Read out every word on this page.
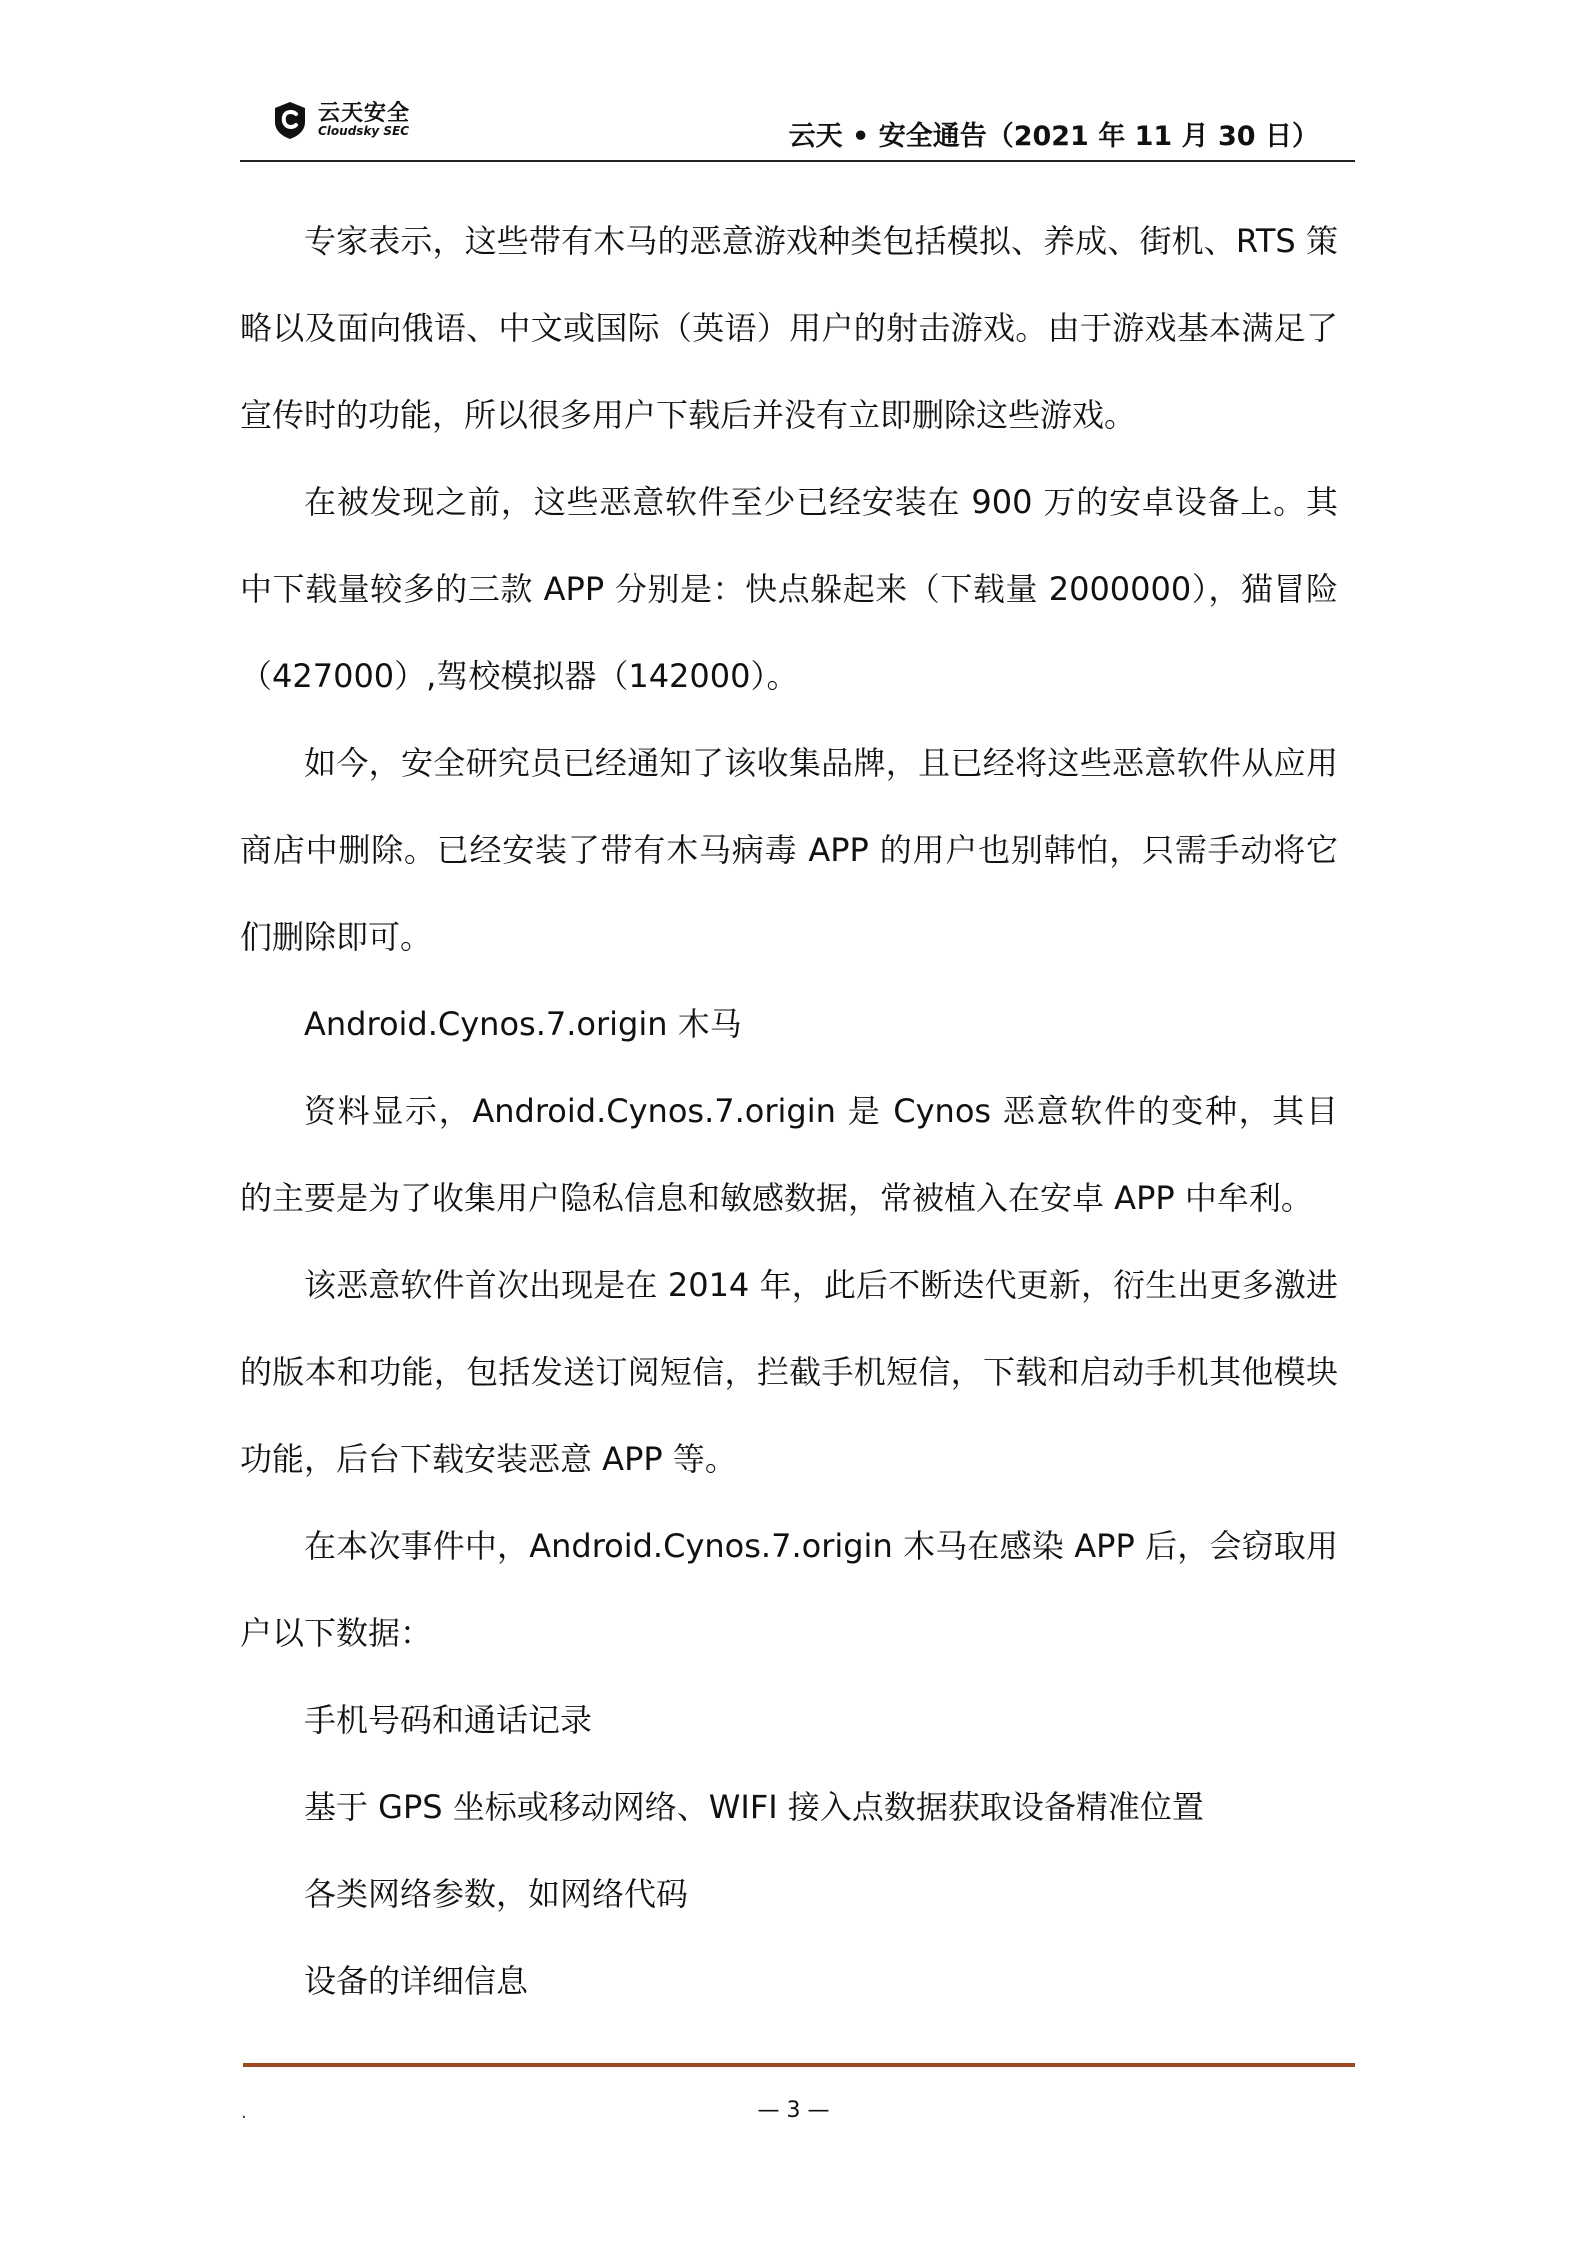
云天安全
Cloudsky SEC	云天 • 安全通告（2021 年 11 月 30 日）

专家表示，这些带有木马的恶意游戏种类包括模拟、养成、街机、RTS 策略以及面向俄语、中文或国际（英语）用户的射击游戏。由于游戏基本满足了宣传时的功能，所以很多用户下载后并没有立即删除这些游戏。

在被发现之前，这些恶意软件至少已经安装在 900 万的安卓设备上。其中下载量较多的三款 APP 分别是：快点躲起来（下载量 2000000），猫冒险（427000）,驾校模拟器（142000）。

如今，安全研究员已经通知了该收集品牌，且已经将这些恶意软件从应用商店中删除。已经安装了带有木马病毒 APP 的用户也别韩怕，只需手动将它们删除即可。

Android.Cynos.7.origin 木马

资料显示，Android.Cynos.7.origin 是 Cynos 恶意软件的变种，其目的主要是为了收集用户隐私信息和敏感数据，常被植入在安卓 APP 中牟利。

该恶意软件首次出现是在 2014 年，此后不断迭代更新，衍生出更多激进的版本和功能，包括发送订阅短信，拦截手机短信，下载和启动手机其他模块功能，后台下载安装恶意 APP 等。

在本次事件中，Android.Cynos.7.origin 木马在感染 APP 后，会窃取用户以下数据：

手机号码和通话记录

基于 GPS 坐标或移动网络、WIFI 接入点数据获取设备精准位置

各类网络参数，如网络代码

设备的详细信息

.	— 3 —
